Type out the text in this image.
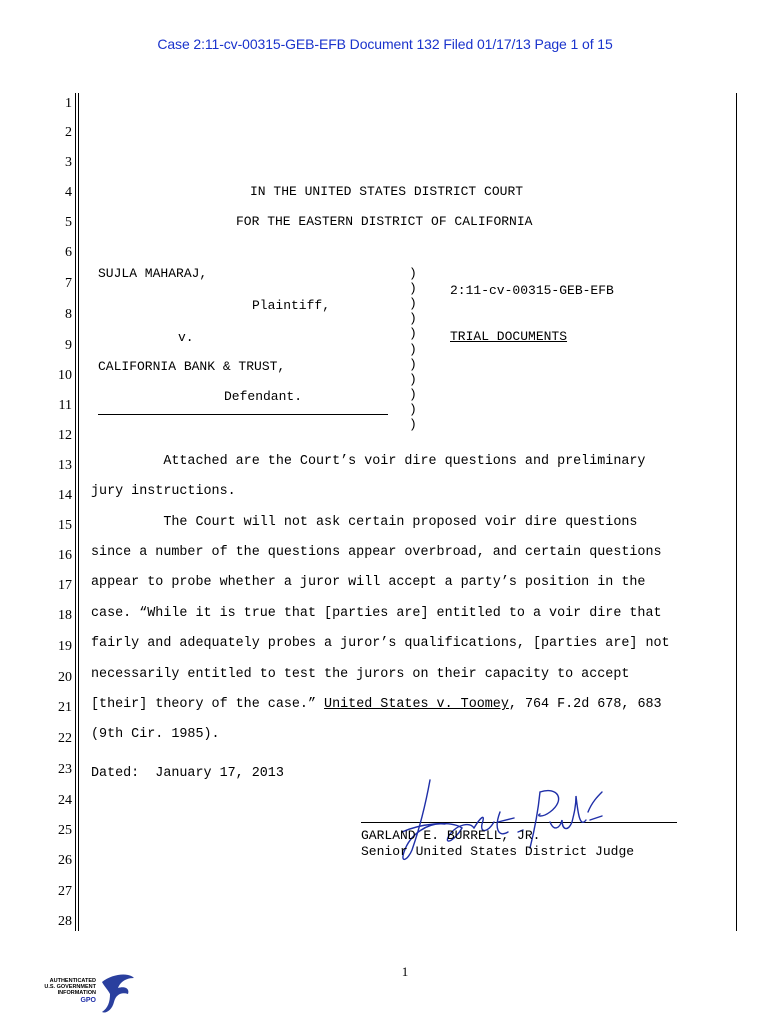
Case 2:11-cv-00315-GEB-EFB Document 132 Filed 01/17/13 Page 1 of 15
1
2
3
4
5
6
7
8
9
10
11
12
13
14
15
16
17
18
19
20
21
22
23
24
25
26
27
28
IN THE UNITED STATES DISTRICT COURT
FOR THE EASTERN DISTRICT OF CALIFORNIA
SUJLA MAHARAJ,
Plaintiff,
v.
CALIFORNIA BANK & TRUST,
Defendant.
)
)
)
)
)
)
)
)
)
)
)
2:11-cv-00315-GEB-EFB
TRIAL DOCUMENTS
Attached are the Court’s voir dire questions and preliminary
jury instructions.
The Court will not ask certain proposed voir dire questions
since a number of the questions appear overbroad, and certain questions
appear to probe whether a juror will accept a party’s position in the
case. “While it is true that [parties are] entitled to a voir dire that
fairly and adequately probes a juror’s qualifications, [parties are] not
necessarily entitled to test the jurors on their capacity to accept
[their] theory of the case.” United States v. Toomey, 764 F.2d 678, 683
(9th Cir. 1985).
Dated:  January 17, 2013
GARLAND E. BURRELL, JR.
Senior United States District Judge
1
AUTHENTICATED
U.S. GOVERNMENT
INFORMATION
GPO
